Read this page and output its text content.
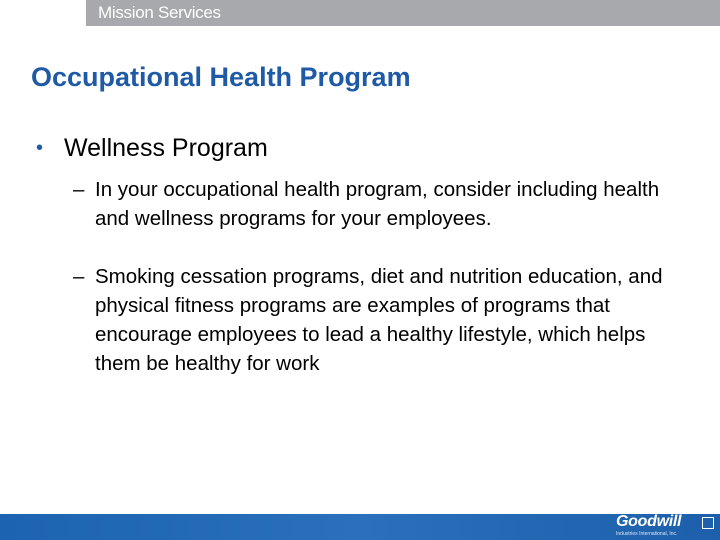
Mission Services
Occupational Health Program
• Wellness Program
– In your occupational health program, consider including health and wellness programs for your employees.
– Smoking cessation programs, diet and nutrition education, and physical fitness programs are examples of programs that encourage employees to lead a healthy lifestyle, which helps them be healthy for work
Goodwill
Industries International, Inc.
